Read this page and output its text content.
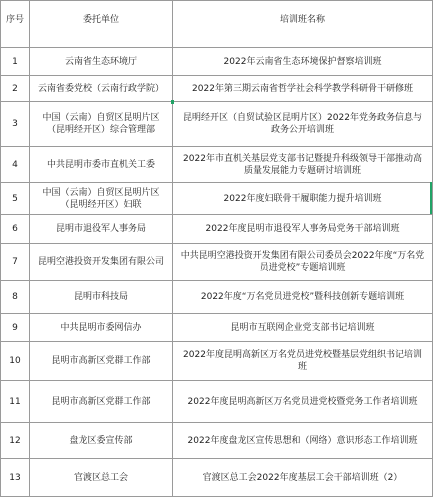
序号	委托单位	培训班名称
1	云南省生态环境厅	2022年云南省生态环境保护督察培训班
2	云南省委党校（云南行政学院）	2022年第三期云南省哲学社会科学教学科研骨干研修班
3	中国（云南）自贸区昆明片区
（昆明经开区）综合管理部	昆明经开区（自贸试验区昆明片区）2022年党务政务信息与
政务公开培训班
4	中共昆明市委市直机关工委	2022年市直机关基层党支部书记暨提升科级领导干部推动高
质量发展能力专题研讨培训班
5	中国（云南）自贸区昆明片区
（昆明经开区）妇联	2022年度妇联骨干履职能力提升培训班
6	昆明市退役军人事务局	2022年度昆明市退役军人事务局党务干部培训班
7	昆明空港投资开发集团有限公司	中共昆明空港投资开发集团有限公司委员会2022年度“万名党
员进党校”专题培训班
8	昆明市科技局	2022年度“万名党员进党校”暨科技创新专题培训班
9	中共昆明市委网信办	昆明市互联网企业党支部书记培训班
10	昆明市高新区党群工作部	2022年度昆明高新区万名党员进党校暨基层党组织书记培训
班
11	昆明市高新区党群工作部	2022年度昆明高新区万名党员进党校暨党务工作者培训班
12	盘龙区委宣传部	2022年度盘龙区宣传思想和（网络）意识形态工作培训班
13	官渡区总工会	官渡区总工会2022年度基层工会干部培训班（2）
